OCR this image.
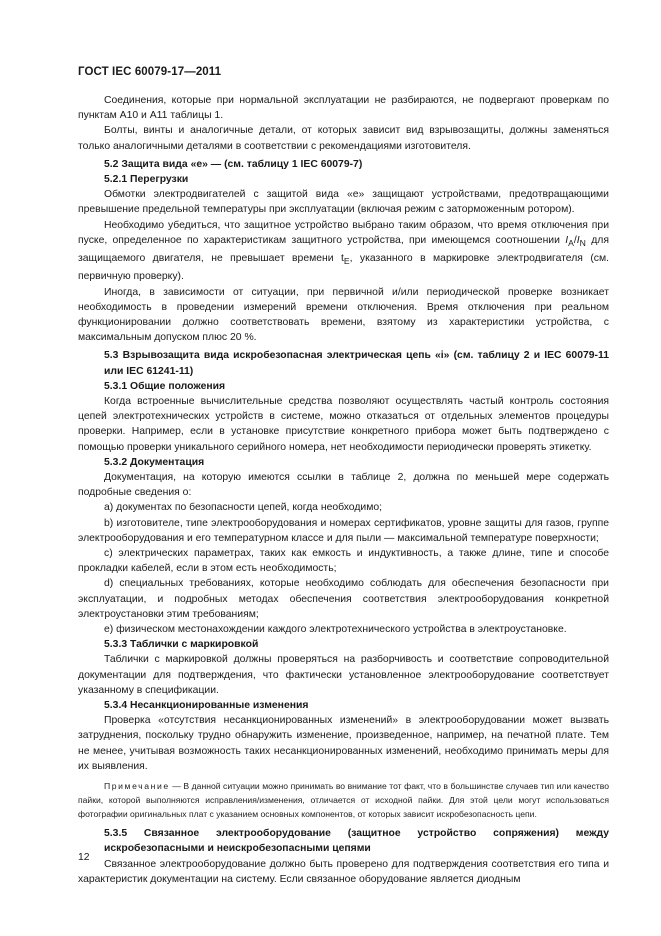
ГОСТ IEC 60079-17—2011

Соединения, которые при нормальной эксплуатации не разбираются, не подвергают проверкам по пунктам А10 и А11 таблицы 1.

Болты, винты и аналогичные детали, от которых зависит вид взрывозащиты, должны заменяться только аналогичными деталями в соответствии с рекомендациями изготовителя.

5.2 Защита вида «е» — (см. таблицу 1 IEC 60079-7)

5.2.1 Перегрузки

Обмотки электродвигателей с защитой вида «е» защищают устройствами, предотвращающими превышение предельной температуры при эксплуатации (включая режим с заторможенным ротором).

Необходимо убедиться, что защитное устройство выбрано таким образом, что время отключения при пуске, определенное по характеристикам защитного устройства, при имеющемся соотношении $I_A/I_N$ для защищаемого двигателя, не превышает времени $t_E$, указанного в маркировке электродвигателя (см. первичную проверку).

Иногда, в зависимости от ситуации, при первичной и/или периодической проверке возникает необходимость в проведении измерений времени отключения. Время отключения при реальном функционировании должно соответствовать времени, взятому из характеристики устройства, с максимальным допуском плюс 20 %.

5.3 Взрывозащита вида искробезопасная электрическая цепь «i» (см. таблицу 2 и IEC 60079-11 или IEC 61241-11)

5.3.1 Общие положения

Когда встроенные вычислительные средства позволяют осуществлять частый контроль состояния цепей электротехнических устройств в системе, можно отказаться от отдельных элементов процедуры проверки. Например, если в установке присутствие конкретного прибора может быть подтверждено с помощью проверки уникального серийного номера, нет необходимости периодически проверять этикетку.

5.3.2 Документация

Документация, на которую имеются ссылки в таблице 2, должна по меньшей мере содержать подробные сведения о:

a) документах по безопасности цепей, когда необходимо;

b) изготовителе, типе электрооборудования и номерах сертификатов, уровне защиты для газов, группе электрооборудования и его температурном классе и для пыли — максимальной температуре поверхности;

c) электрических параметрах, таких как емкость и индуктивность, а также длине, типе и способе прокладки кабелей, если в этом есть необходимость;

d) специальных требованиях, которые необходимо соблюдать для обеспечения безопасности при эксплуатации, и подробных методах обеспечения соответствия электрооборудования конкретной электроустановки этим требованиям;

e) физическом местонахождении каждого электротехнического устройства в электроустановке.

5.3.3 Таблички с маркировкой

Таблички с маркировкой должны проверяться на разборчивость и соответствие сопроводительной документации для подтверждения, что фактически установленное электрооборудование соответствует указанному в спецификации.

5.3.4 Несанкционированные изменения

Проверка «отсутствия несанкционированных изменений» в электрооборудовании может вызвать затруднения, поскольку трудно обнаружить изменение, произведенное, например, на печатной плате. Тем не менее, учитывая возможность таких несанкционированных изменений, необходимо принимать меры для их выявления.

Примечание — В данной ситуации можно принимать во внимание тот факт, что в большинстве случаев тип или качество пайки, которой выполняются исправления/изменения, отличается от исходной пайки. Для этой цели могут использоваться фотографии оригинальных плат с указанием основных компонентов, от которых зависит искробезопасность цепи.

5.3.5 Связанное электрооборудование (защитное устройство сопряжения) между искробезопасными и неискробезопасными цепями

Связанное электрооборудование должно быть проверено для подтверждения соответствия его типа и характеристик документации на систему. Если связанное оборудование является диодным

12
